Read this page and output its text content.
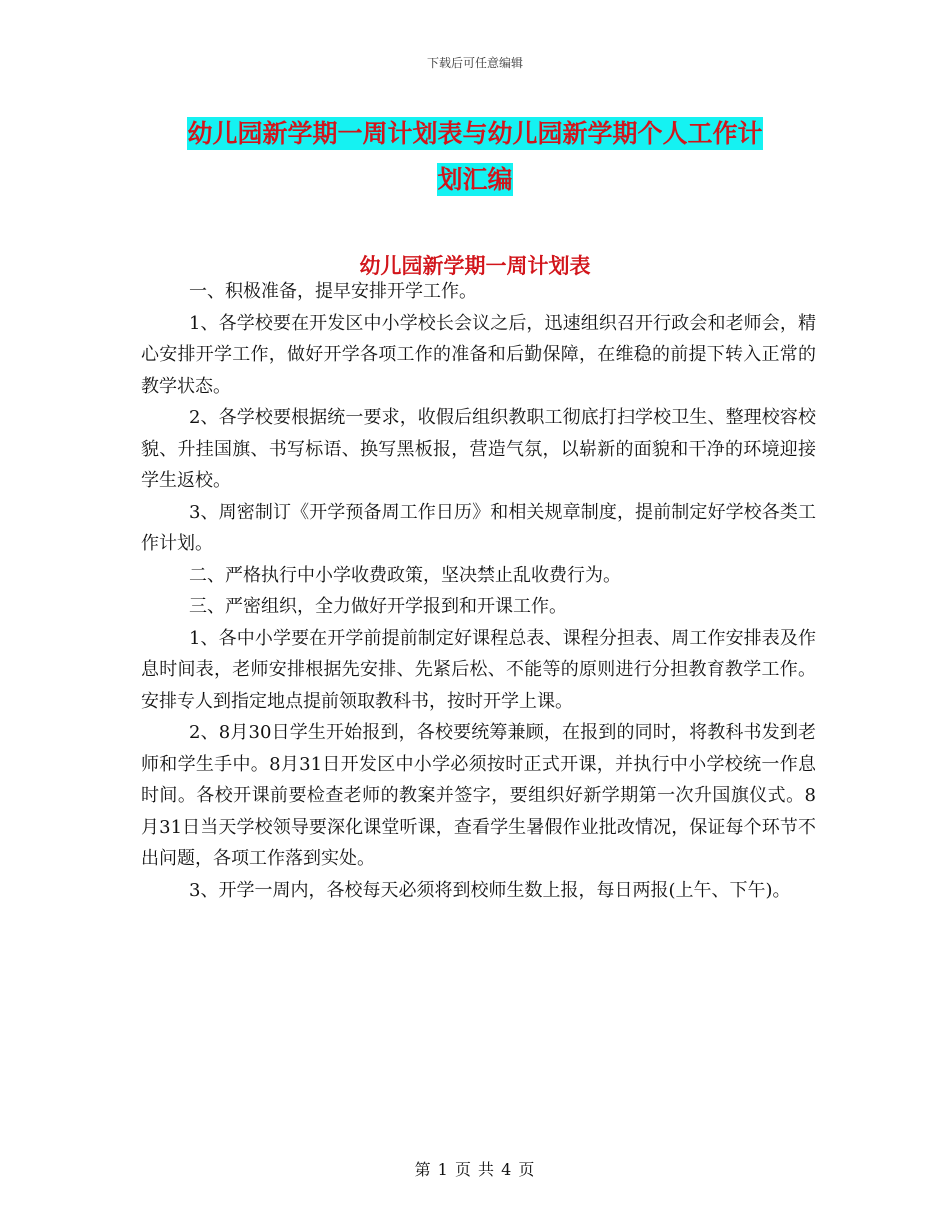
下载后可任意编辑
幼儿园新学期一周计划表与幼儿园新学期个人工作计
划汇编
幼儿园新学期一周计划表

一、积极准备，提早安排开学工作。

1、各学校要在开发区中小学校长会议之后，迅速组织召开行政会和老师会，精心安排开学工作，做好开学各项工作的准备和后勤保障，在维稳的前提下转入正常的教学状态。

2、各学校要根据统一要求，收假后组织教职工彻底打扫学校卫生、整理校容校貌、升挂国旗、书写标语、换写黑板报，营造气氛，以崭新的面貌和干净的环境迎接学生返校。

3、周密制订《开学预备周工作日历》和相关规章制度，提前制定好学校各类工作计划。

二、严格执行中小学收费政策，坚决禁止乱收费行为。

三、严密组织，全力做好开学报到和开课工作。

1、各中小学要在开学前提前制定好课程总表、课程分担表、周工作安排表及作息时间表，老师安排根据先安排、先紧后松、不能等的原则进行分担教育教学工作。安排专人到指定地点提前领取教科书，按时开学上课。

2、8月30日学生开始报到，各校要统筹兼顾，在报到的同时，将教科书发到老师和学生手中。8月31日开发区中小学必须按时正式开课，并执行中小学校统一作息时间。各校开课前要检查老师的教案并签字，要组织好新学期第一次升国旗仪式。8月31日当天学校领导要深化课堂听课，查看学生暑假作业批改情况，保证每个环节不出问题，各项工作落到实处。

3、开学一周内，各校每天必须将到校师生数上报，每日两报(上午、下午)。

第 1 页 共 4 页
